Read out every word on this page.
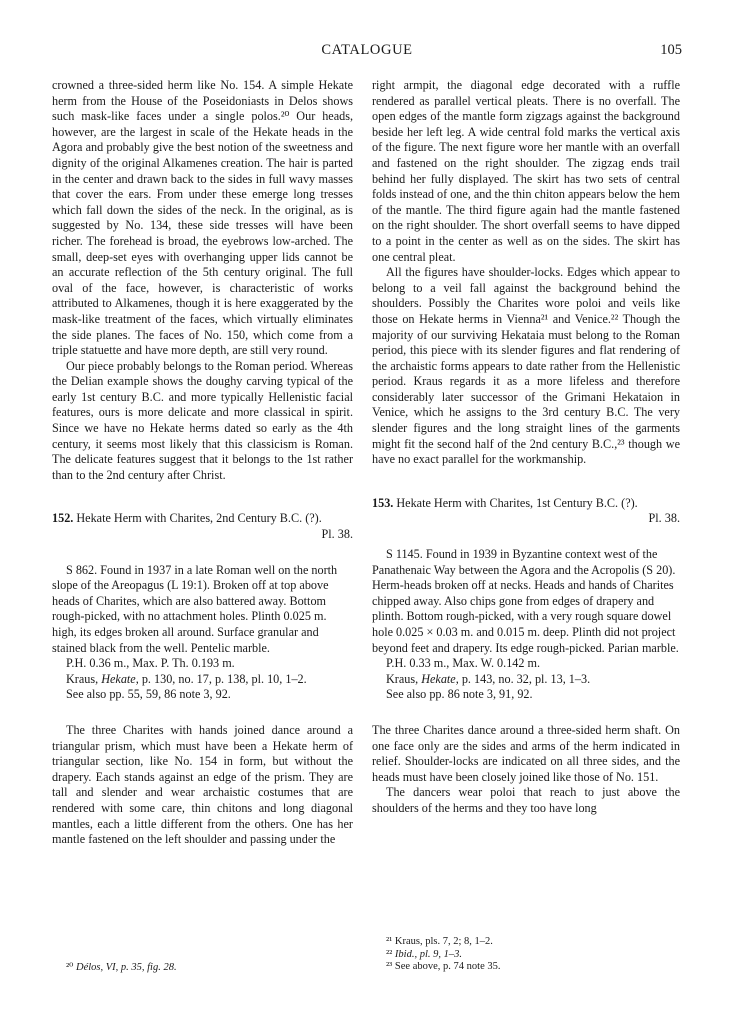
CATALOGUE	105

crowned a three-sided herm like No. 154. A simple Hekate herm from the House of the Poseidoniasts in Delos shows such mask-like faces under a single polos.²⁰ Our heads, however, are the largest in scale of the Hekate heads in the Agora and probably give the best notion of the sweetness and dignity of the original Alkamenes creation. The hair is parted in the center and drawn back to the sides in full wavy masses that cover the ears. From under these emerge long tresses which fall down the sides of the neck. In the original, as is suggested by No. 134, these side tresses will have been richer. The forehead is broad, the eyebrows low-arched. The small, deep-set eyes with overhanging upper lids cannot be an accurate reflection of the 5th century original. The full oval of the face, however, is characteristic of works attributed to Alkamenes, though it is here exaggerated by the mask-like treatment of the faces, which virtually eliminates the side planes. The faces of No. 150, which come from a triple statuette and have more depth, are still very round.

Our piece probably belongs to the Roman period. Whereas the Delian example shows the doughy carving typical of the early 1st century B.C. and more typically Hellenistic facial features, ours is more delicate and more classical in spirit. Since we have no Hekate herms dated so early as the 4th century, it seems most likely that this classicism is Roman. The delicate features suggest that it belongs to the 1st rather than to the 2nd century after Christ.

152. Hekate Herm with Charites, 2nd Century B.C. (?).
Pl. 38.

S 862. Found in 1937 in a late Roman well on the north slope of the Areopagus (L 19:1). Broken off at top above heads of Charites, which are also battered away. Bottom rough-picked, with no attachment holes. Plinth 0.025 m. high, its edges broken all around. Surface granular and stained black from the well. Pentelic marble.

P.H. 0.36 m., Max. P. Th. 0.193 m.

Kraus, Hekate, p. 130, no. 17, p. 138, pl. 10, 1–2.

See also pp. 55, 59, 86 note 3, 92.

The three Charites with hands joined dance around a triangular prism, which must have been a Hekate herm of triangular section, like No. 154 in form, but without the drapery. Each stands against an edge of the prism. They are tall and slender and wear archaistic costumes that are rendered with some care, thin chitons and long diagonal mantles, each a little different from the others. One has her mantle fastened on the left shoulder and passing under the

²⁰ Délos, VI, p. 35, fig. 28.

right armpit, the diagonal edge decorated with a ruffle rendered as parallel vertical pleats. There is no overfall. The open edges of the mantle form zigzags against the background beside her left leg. A wide central fold marks the vertical axis of the figure. The next figure wore her mantle with an overfall and fastened on the right shoulder. The zigzag ends trail behind her fully displayed. The skirt has two sets of central folds instead of one, and the thin chiton appears below the hem of the mantle. The third figure again had the mantle fastened on the right shoulder. The short overfall seems to have dipped to a point in the center as well as on the sides. The skirt has one central pleat.

All the figures have shoulder-locks. Edges which appear to belong to a veil fall against the background behind the shoulders. Possibly the Charites wore poloi and veils like those on Hekate herms in Vienna²¹ and Venice.²² Though the majority of our surviving Hekataia must belong to the Roman period, this piece with its slender figures and flat rendering of the archaistic forms appears to date rather from the Hellenistic period. Kraus regards it as a more lifeless and therefore considerably later successor of the Grimani Hekataion in Venice, which he assigns to the 3rd century B.C. The very slender figures and the long straight lines of the garments might fit the second half of the 2nd century B.C.,²³ though we have no exact parallel for the workmanship.

153. Hekate Herm with Charites, 1st Century B.C. (?).
Pl. 38.

S 1145. Found in 1939 in Byzantine context west of the Panathenaic Way between the Agora and the Acropolis (S 20). Herm-heads broken off at necks. Heads and hands of Charites chipped away. Also chips gone from edges of drapery and plinth. Bottom rough-picked, with a very rough square dowel hole 0.025 × 0.03 m. and 0.015 m. deep. Plinth did not project beyond feet and drapery. Its edge rough-picked. Parian marble.

P.H. 0.33 m., Max. W. 0.142 m.

Kraus, Hekate, p. 143, no. 32, pl. 13, 1–3.

See also pp. 86 note 3, 91, 92.

The three Charites dance around a three-sided herm shaft. On one face only are the sides and arms of the herm indicated in relief. Shoulder-locks are indicated on all three sides, and the heads must have been closely joined like those of No. 151.

The dancers wear poloi that reach to just above the shoulders of the herms and they too have long

²¹ Kraus, pls. 7, 2; 8, 1–2.

²² Ibid., pl. 9, 1–3.

²³ See above, p. 74 note 35.
